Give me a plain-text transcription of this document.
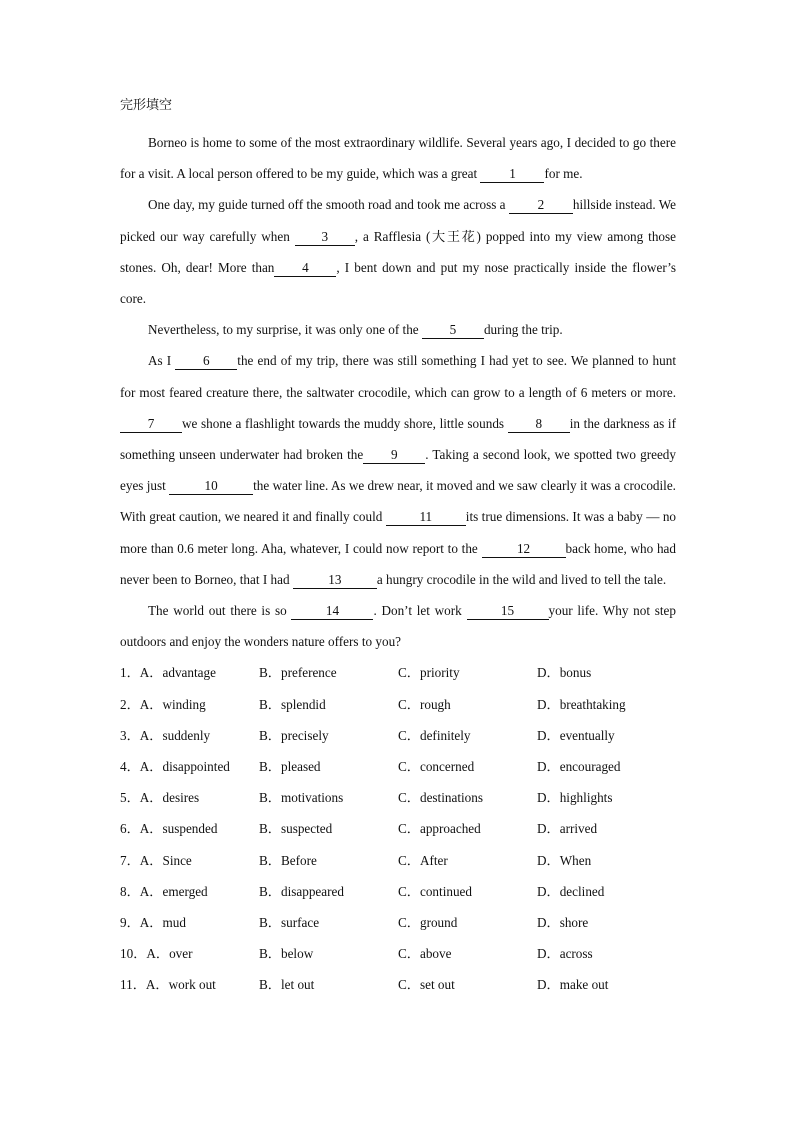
完形填空

Borneo is home to some of the most extraordinary wildlife. Several years ago, I decided to go there for a visit. A local person offered to be my guide, which was a great 1 for me.

One day, my guide turned off the smooth road and took me across a 2 hillside instead. We picked our way carefully when 3 , a Rafflesia (大王花) popped into my view among those stones. Oh, dear! More than 4 , I bent down and put my nose practically inside the flower’s core.

Nevertheless, to my surprise, it was only one of the 5 during the trip.

As I 6 the end of my trip, there was still something I had yet to see. We planned to hunt for most feared creature there, the saltwater crocodile, which can grow to a length of 6 meters or more. 7 we shone a flashlight towards the muddy shore, little sounds 8 in the darkness as if something unseen underwater had broken the 9 . Taking a second look, we spotted two greedy eyes just	10	the water line. As we drew near, it moved and we saw clearly it was a crocodile. With great caution, we neared it and finally could	11	its true dimensions. It was a baby — no more than 0.6 meter long. Aha, whatever, I could now report to the	12	back home, who had never been to Borneo, that I had	13	a hungry crocodile in the wild and lived to tell the tale.

The world out there is so	14	. Don’t let work	15	your life. Why not step outdoors and enjoy the wonders nature offers to you?

1．A．advantage	B．preference	C．priority	D．bonus
2．A．winding	B．splendid	C．rough	D．breathtaking
3．A．suddenly	B．precisely	C．definitely	D．eventually
4．A．disappointed	B．pleased	C．concerned	D．encouraged
5．A．desires	B．motivations	C．destinations	D．highlights
6．A．suspended	B．suspected	C．approached	D．arrived
7．A．Since	B．Before	C．After	D．When
8．A．emerged	B．disappeared	C．continued	D．declined
9．A．mud	B．surface	C．ground	D．shore
10．A．over	B．below	C．above	D．across
11．A．work out	B．let out	C．set out	D．make out
